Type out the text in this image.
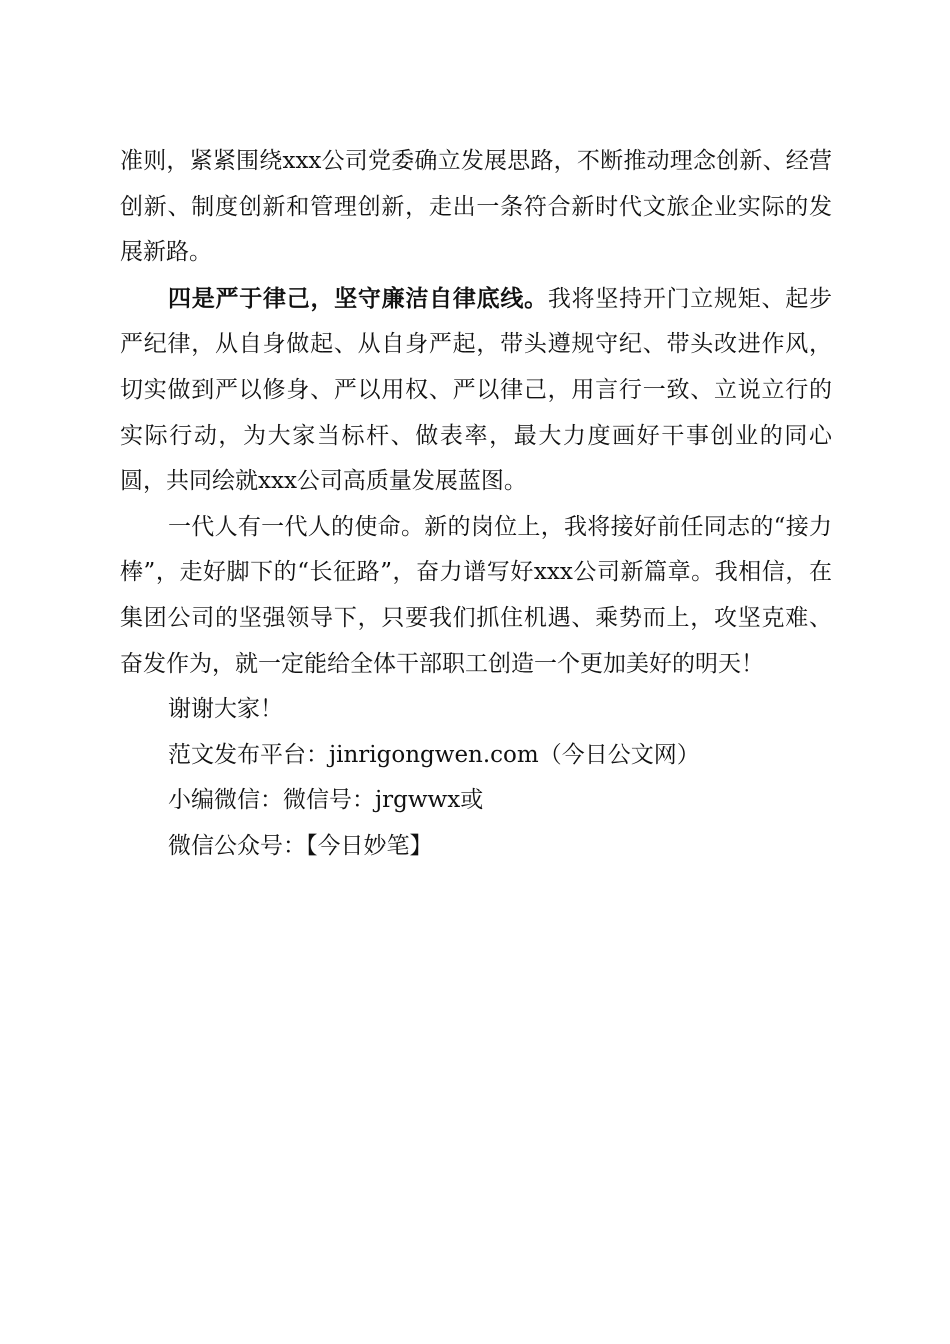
准则，紧紧围绕xxx公司党委确立发展思路，不断推动理念创新、经营创新、制度创新和管理创新，走出一条符合新时代文旅企业实际的发展新路。

四是严于律己，坚守廉洁自律底线。我将坚持开门立规矩、起步严纪律，从自身做起、从自身严起，带头遵规守纪、带头改进作风，切实做到严以修身、严以用权、严以律己，用言行一致、立说立行的实际行动，为大家当标杆、做表率，最大力度画好干事创业的同心圆，共同绘就xxx公司高质量发展蓝图。

一代人有一代人的使命。新的岗位上，我将接好前任同志的“接力棒”，走好脚下的“长征路”，奋力谱写好xxx公司新篇章。我相信，在集团公司的坚强领导下，只要我们抓住机遇、乘势而上，攻坚克难、奋发作为，就一定能给全体干部职工创造一个更加美好的明天！

谢谢大家！

范文发布平台：jinrigongwen.com（今日公文网）

小编微信：微信号：jrgwwx或

微信公众号：【今日妙笔】
